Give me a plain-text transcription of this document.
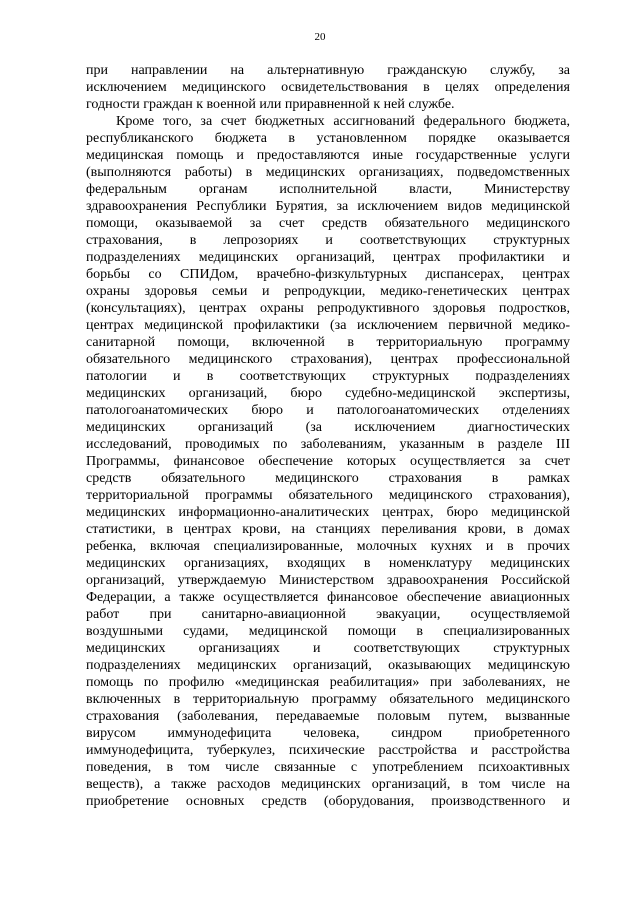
20
при направлении на альтернативную гражданскую службу, за
исключением медицинского освидетельствования в целях определения
годности граждан к военной или приравненной к ней службе.
Кроме того, за счет бюджетных ассигнований федерального бюджета,
республиканского бюджета в установленном порядке оказывается
медицинская помощь и предоставляются иные государственные услуги
(выполняются работы) в медицинских организациях, подведомственных
федеральным органам исполнительной власти, Министерству
здравоохранения Республики Бурятия, за исключением видов медицинской
помощи, оказываемой за счет средств обязательного медицинского
страхования, в лепрозориях и соответствующих структурных
подразделениях медицинских организаций, центрах профилактики и
борьбы со СПИДом, врачебно-физкультурных диспансерах, центрах
охраны здоровья семьи и репродукции, медико-генетических центрах
(консультациях), центрах охраны репродуктивного здоровья подростков,
центрах медицинской профилактики (за исключением первичной медико-
санитарной помощи, включенной в территориальную программу
обязательного медицинского страхования), центрах профессиональной
патологии и в соответствующих структурных подразделениях
медицинских организаций, бюро судебно-медицинской экспертизы,
патологоанатомических бюро и патологоанатомических отделениях
медицинских организаций (за исключением диагностических
исследований, проводимых по заболеваниям, указанным в разделе III
Программы, финансовое обеспечение которых осуществляется за счет
средств обязательного медицинского страхования в рамках
территориальной программы обязательного медицинского страхования),
медицинских информационно-аналитических центрах, бюро медицинской
статистики, в центрах крови, на станциях переливания крови, в домах
ребенка, включая специализированные, молочных кухнях и в прочих
медицинских организациях, входящих в номенклатуру медицинских
организаций, утверждаемую Министерством здравоохранения Российской
Федерации, а также осуществляется финансовое обеспечение авиационных
работ при санитарно-авиационной эвакуации, осуществляемой
воздушными судами, медицинской помощи в специализированных
медицинских организациях и соответствующих структурных
подразделениях медицинских организаций, оказывающих медицинскую
помощь по профилю «медицинская реабилитация» при заболеваниях, не
включенных в территориальную программу обязательного медицинского
страхования (заболевания, передаваемые половым путем, вызванные
вирусом иммунодефицита человека, синдром приобретенного
иммунодефицита, туберкулез, психические расстройства и расстройства
поведения, в том числе связанные с употреблением психоактивных
веществ), а также расходов медицинских организаций, в том числе на
приобретение основных средств (оборудования, производственного и
